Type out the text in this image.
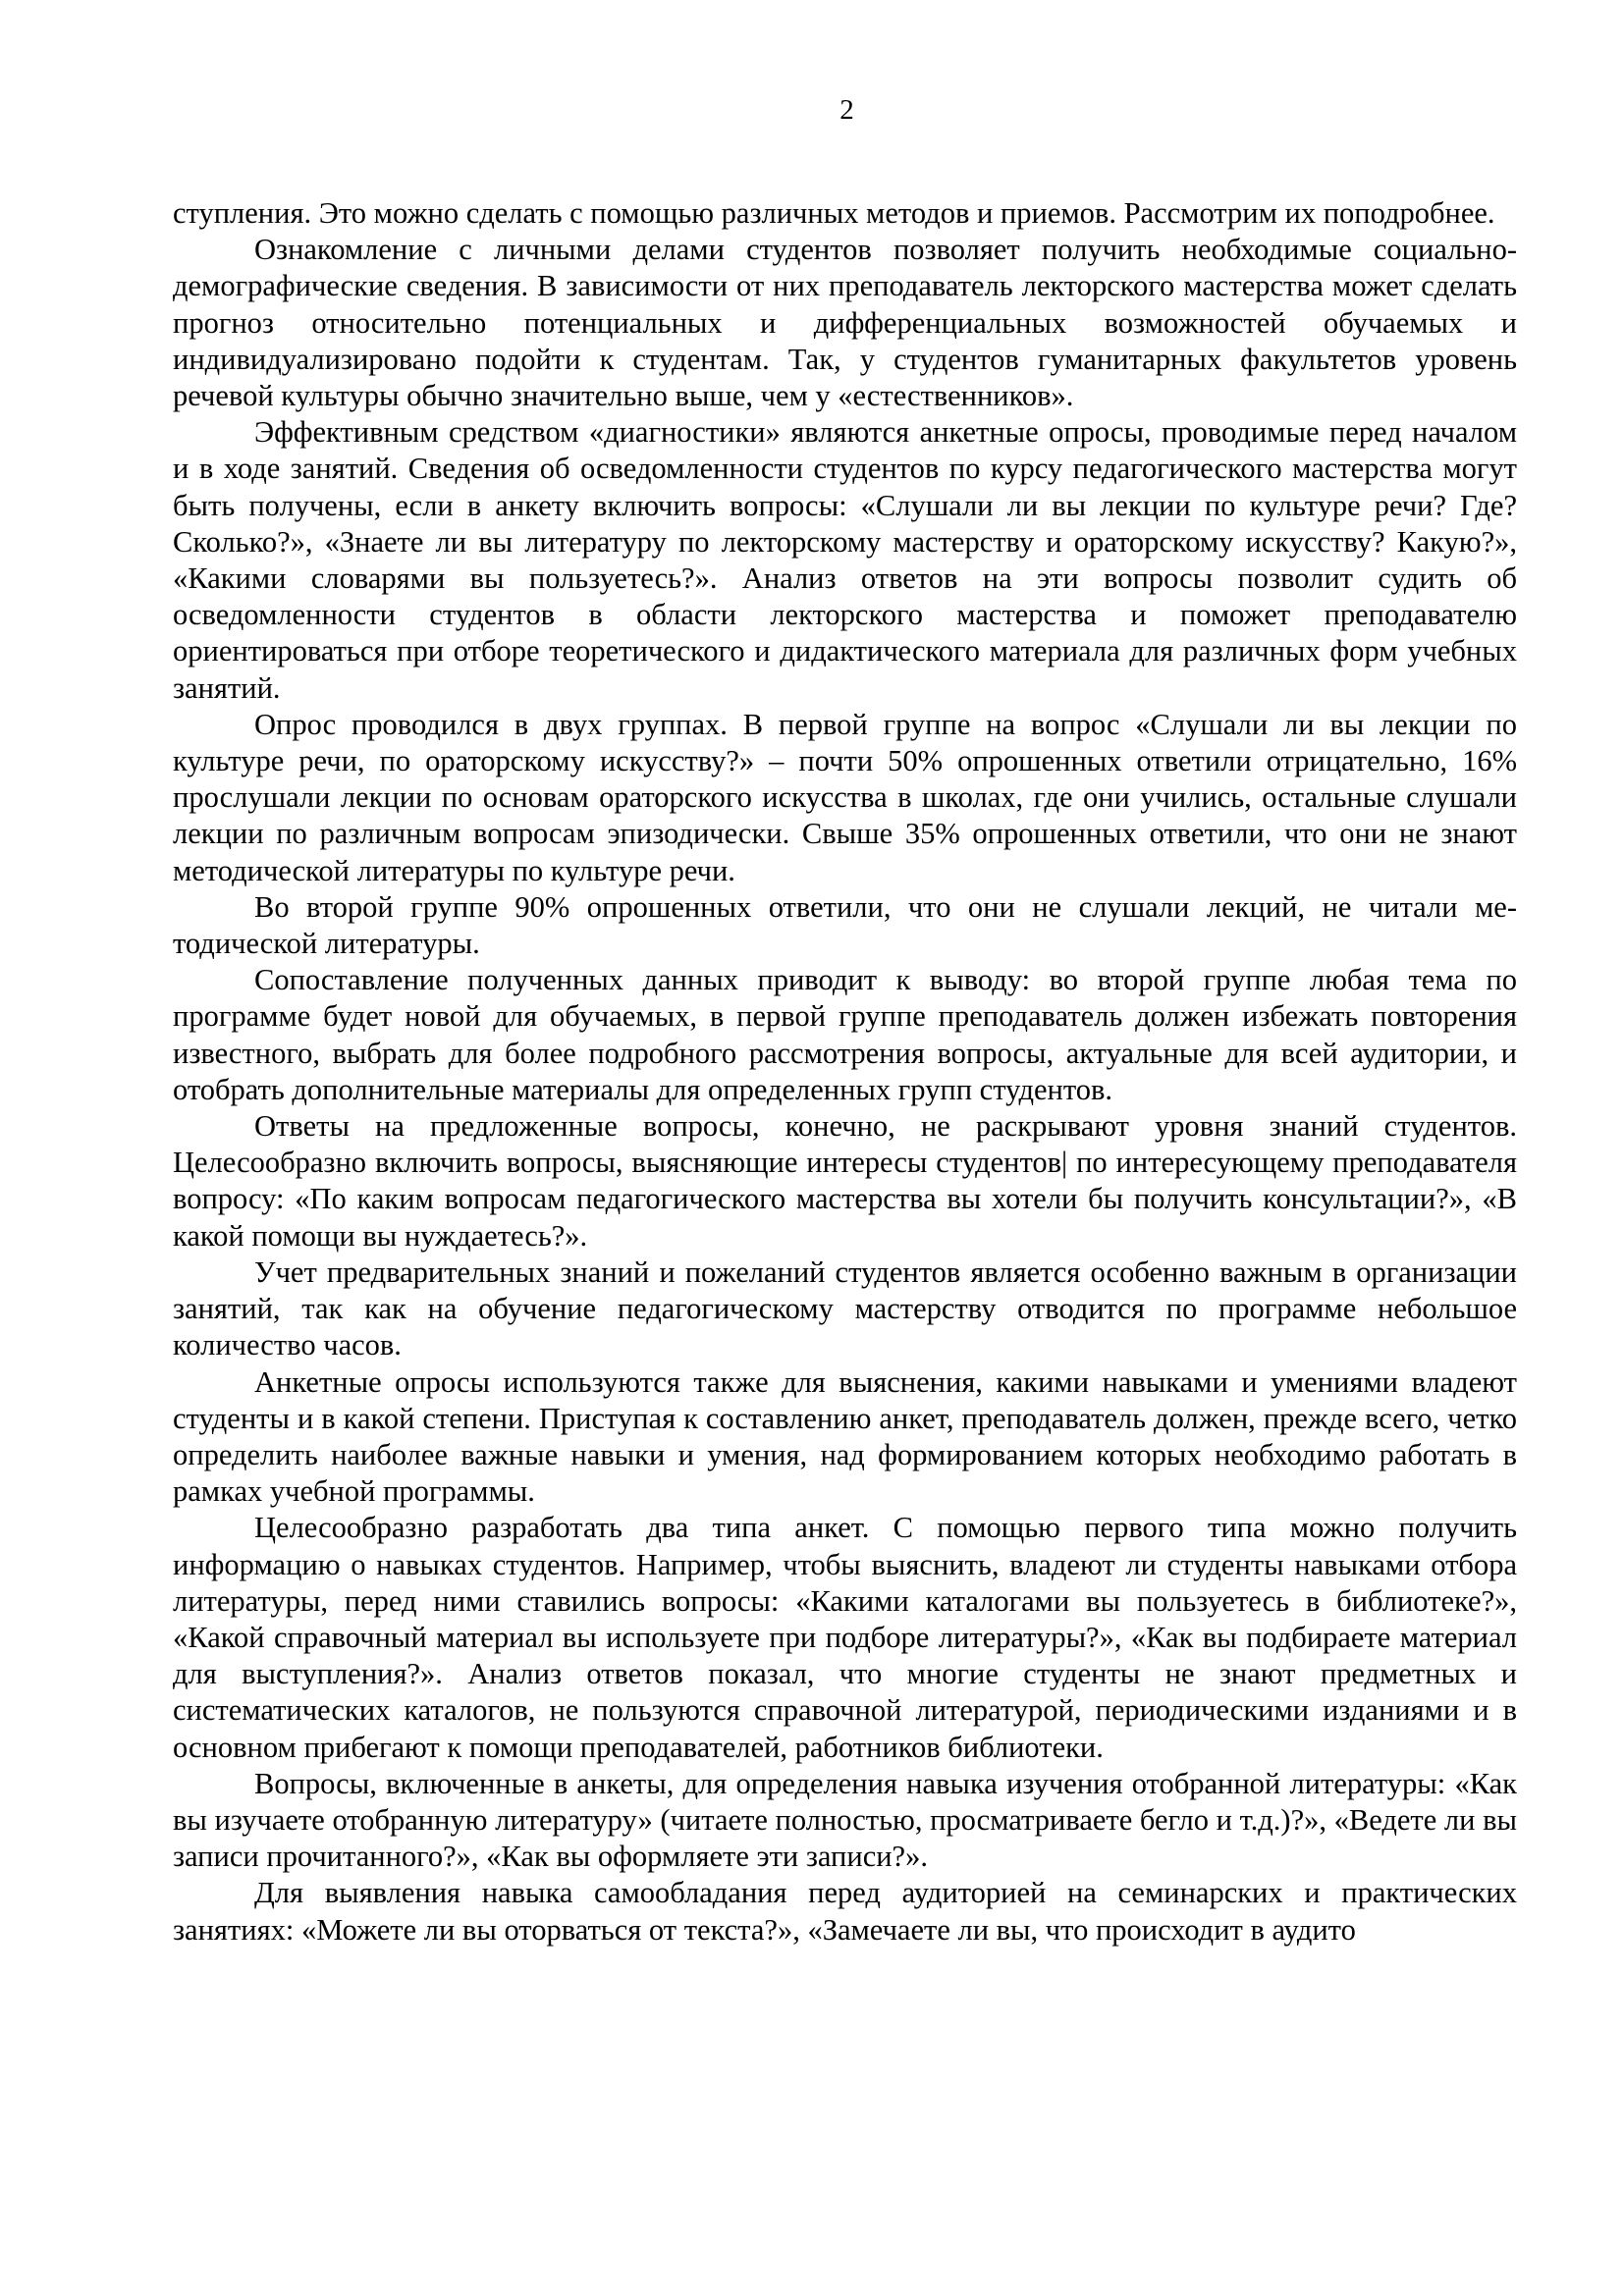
2

ступления. Это можно сделать с помощью различных методов и приемов. Рассмотрим их поподробнее.

Ознакомление с личными делами студентов позволяет получить необходимые социально-демографические сведения. В зависимости от них преподаватель лекторского мастерства может сделать прогноз относительно потенциальных и дифференциальных возможностей обучаемых и индивидуализировано подойти к студентам. Так, у студентов гуманитарных факультетов уровень речевой культуры обычно значительно выше, чем у «естественников».

Эффективным средством «диагностики» являются анкетные опросы, проводимые перед началом и в ходе занятий. Сведения об осведомленности студентов по курсу педагогического мастерства могут быть получены, если в анкету включить вопросы: «Слушали ли вы лекции по культуре речи? Где? Сколько?», «Знаете ли вы литературу по лекторскому мастерству и ораторскому искусству? Какую?», «Какими словарями вы пользуетесь?». Анализ ответов на эти вопросы позволит судить об осведомленности студентов в области лекторского мастерства и поможет преподавателю ориентироваться при отборе теоретического и дидактического материала для различных форм учебных занятий.

Опрос проводился в двух группах. В первой группе на вопрос «Слушали ли вы лекции по культуре речи, по ораторскому искусству?» – почти 50% опрошенных ответили отрицательно, 16% прослушали лекции по основам ораторского искусства в школах, где они учились, остальные слушали лекции по различным вопросам эпизодически. Свыше 35% опрошенных ответили, что они не знают методической литературы по культуре речи.

Во второй группе 90% опрошенных ответили, что они не слушали лекций, не читали методической литературы.

Сопоставление полученных данных приводит к выводу: во второй группе любая тема по программе будет новой для обучаемых, в первой группе преподаватель должен избежать повторения известного, выбрать для более подробного рассмотрения вопросы, актуальные для всей аудитории, и отобрать дополнительные материалы для определенных групп студентов.

Ответы на предложенные вопросы, конечно, не раскрывают уровня знаний студентов. Целесообразно включить вопросы, выясняющие интересы студентов| по интересующему преподавателя вопросу: «По каким вопросам педагогического мастерства вы хотели бы получить консультации?», «В какой помощи вы нуждаетесь?».

Учет предварительных знаний и пожеланий студентов является особенно важным в организации занятий, так как на обучение педагогическому мастерству отводится по программе небольшое количество часов.

Анкетные опросы используются также для выяснения, какими навыками и умениями владеют студенты и в какой степени. Приступая к составлению анкет, преподаватель должен, прежде всего, четко определить наиболее важные навыки и умения, над формированием которых необходимо работать в рамках учебной программы.

Целесообразно разработать два типа анкет. С помощью первого типа можно получить информацию о навыках студентов. Например, чтобы выяснить, владеют ли студенты навыками отбора литературы, перед ними ставились вопросы: «Какими каталогами вы пользуетесь в библиотеке?», «Какой справочный материал вы используете при подборе литературы?», «Как вы подбираете материал для выступления?». Анализ ответов показал, что многие студенты не знают предметных и систематических каталогов, не пользуются справочной литературой, периодическими изданиями и в основном прибегают к помощи преподавателей, работников библиотеки.

Вопросы, включенные в анкеты, для определения навыка изучения отобранной литературы: «Как вы изучаете отобранную литературу» (читаете полностью, просматриваете бегло и т.д.)?», «Ведете ли вы записи прочитанного?», «Как вы оформляете эти записи?».

Для выявления навыка самообладания перед аудиторией на семинарских и практических занятиях: «Можете ли вы оторваться от текста?», «Замечаете ли вы, что происходит в аудито
